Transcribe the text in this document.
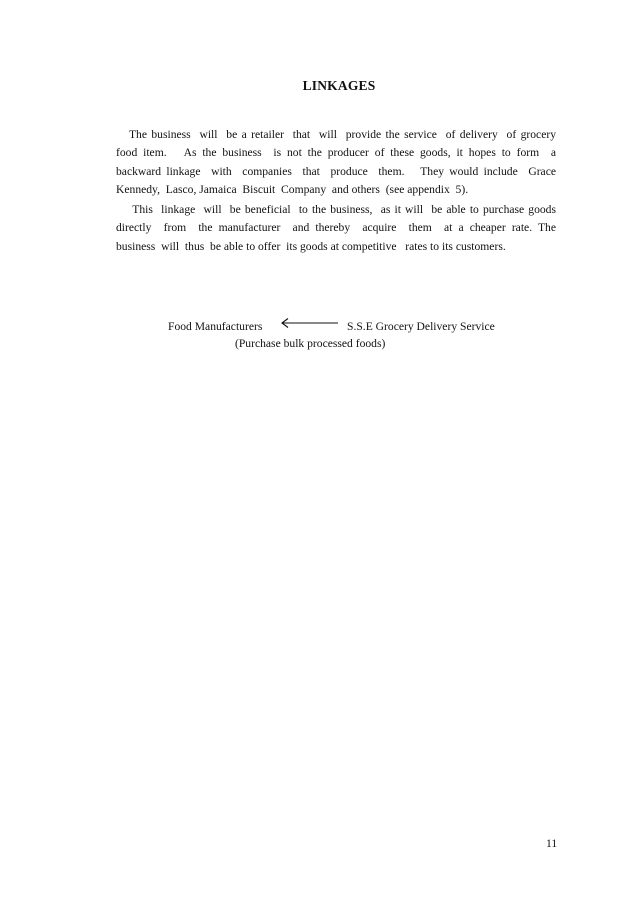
LINKAGES
The business  will  be a retailer  that  will  provide the service  of delivery  of grocery
food item.   As the business  is not the producer of these goods, it hopes to form  a
backward linkage  with  companies  that  produce  them.   They would include  Grace
Kennedy,  Lasco, Jamaica  Biscuit  Company  and others  (see appendix  5).
This  linkage  will  be beneficial  to the business,  as it will  be able to purchase goods
directly  from  the manufacturer  and thereby  acquire  them  at a cheaper rate. The
business  will  thus  be able to offer  its goods at competitive   rates to its customers.
Food Manufacturers	S.S.E Grocery Delivery Service
(Purchase bulk processed foods)
11
